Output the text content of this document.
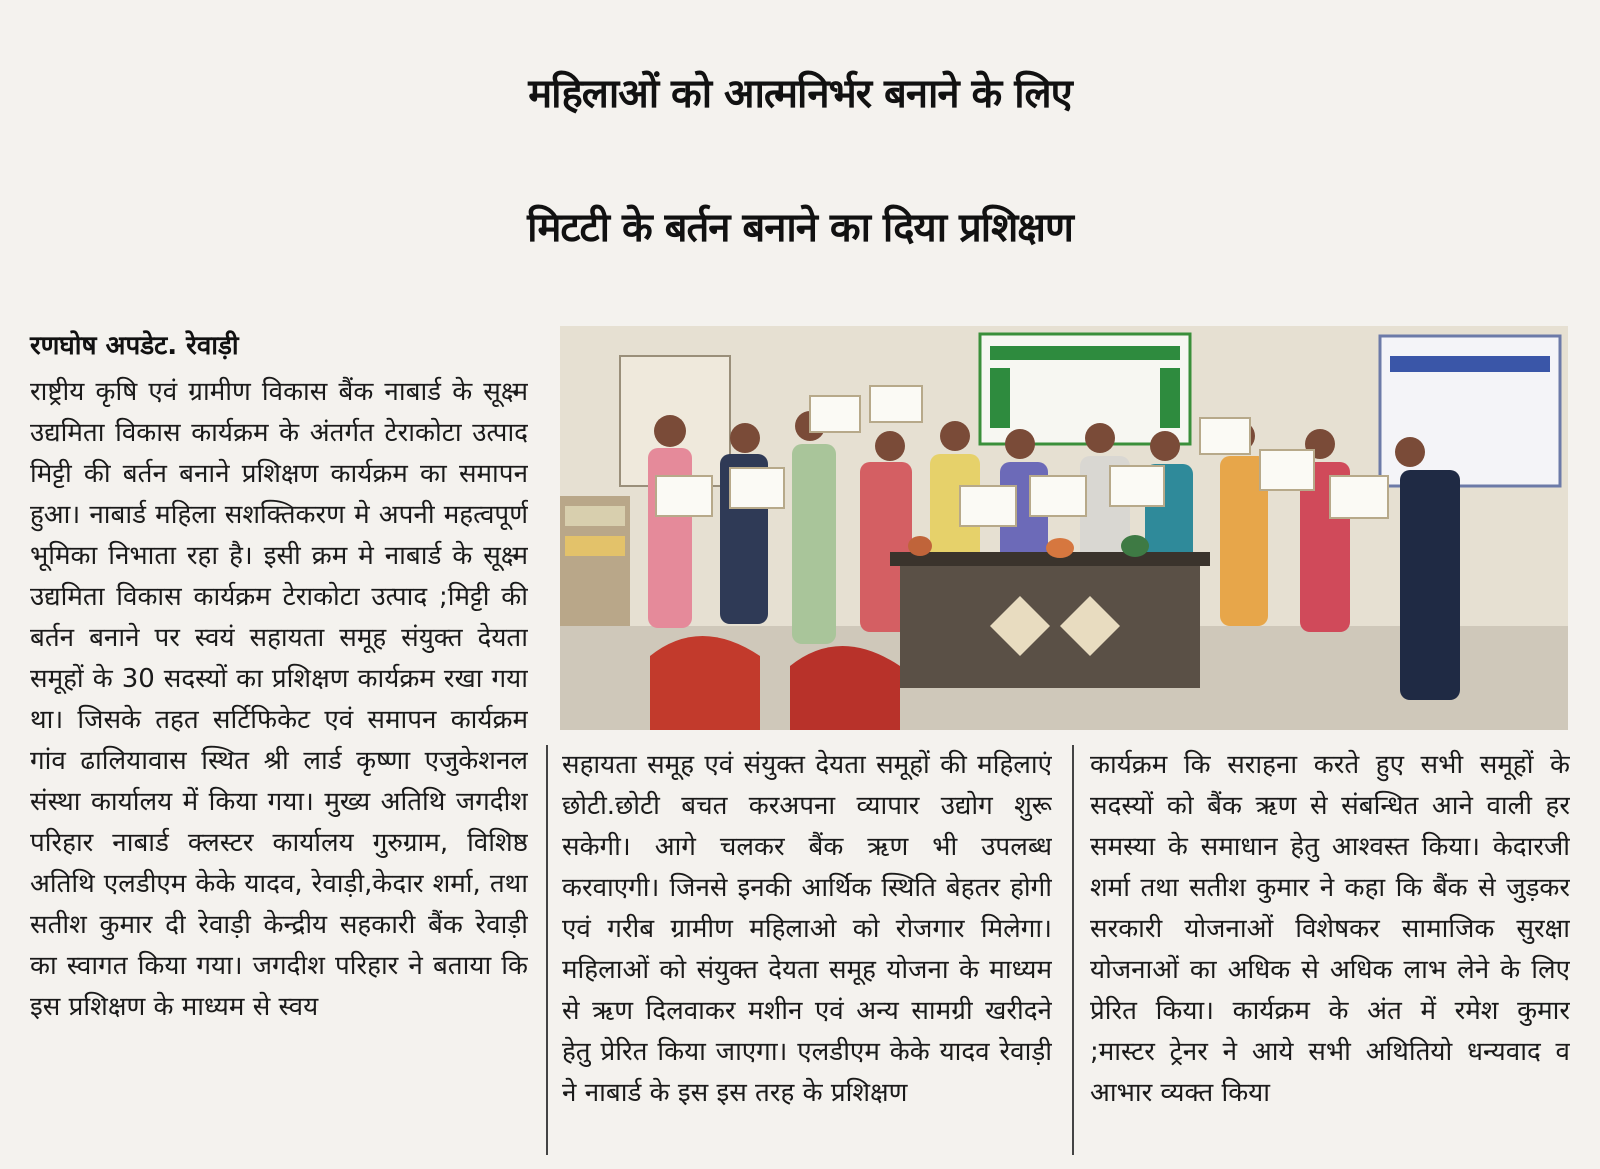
महिलाओं को आत्मनिर्भर बनाने के लिए
मिटटी के बर्तन बनाने का दिया प्रशिक्षण
रणघोष अपडेट. रेवाड़ी

राष्ट्रीय कृषि एवं ग्रामीण विकास बैंक नाबार्ड के सूक्ष्म उद्यमिता विकास कार्यक्रम के अंतर्गत टेराकोटा उत्पाद मिट्टी की बर्तन बनाने प्रशिक्षण कार्यक्रम का समापन हुआ। नाबार्ड महिला सशक्तिकरण मे अपनी महत्वपूर्ण भूमिका निभाता रहा है। इसी क्रम मे नाबार्ड के सूक्ष्म उद्यमिता विकास कार्यक्रम टेराकोटा उत्पाद ;मिट्टी की बर्तन बनाने पर स्वयं सहायता समूह संयुक्त देयता समूहों के 30 सदस्यों का प्रशिक्षण कार्यक्रम रखा गया था। जिसके तहत सर्टिफिकेट एवं समापन कार्यक्रम गांव ढालियावास स्थित श्री लार्ड कृष्णा एजुकेशनल संस्था कार्यालय में किया गया। मुख्य अतिथि जगदीश परिहार नाबार्ड क्लस्टर कार्यालय गुरुग्राम, विशिष्ठ अतिथि एलडीएम केके यादव, रेवाड़ी,केदार शर्मा, तथा सतीश कुमार दी रेवाड़ी केन्द्रीय सहकारी बैंक रेवाड़ी का स्वागत किया गया। जगदीश परिहार ने बताया कि इस प्रशिक्षण के माध्यम से स्वय

सहायता समूह एवं संयुक्त देयता समूहों की महिलाएं छोटी.छोटी बचत करअपना व्यापार उद्योग शुरू सकेगी। आगे चलकर बैंक ऋण भी उपलब्ध करवाएगी। जिनसे इनकी आर्थिक स्थिति बेहतर होगी एवं गरीब ग्रामीण महिलाओ को रोजगार मिलेगा। महिलाओं को संयुक्त देयता समूह योजना के माध्यम से ऋण दिलवाकर मशीन एवं अन्य सामग्री खरीदने हेतु प्रेरित किया जाएगा। एलडीएम केके यादव रेवाड़ी ने नाबार्ड के इस इस तरह के प्रशिक्षण

कार्यक्रम कि सराहना करते हुए सभी समूहों के सदस्यों को बैंक ऋण से संबन्धित आने वाली हर समस्या के समाधान हेतु आश्वस्त किया। केदारजी शर्मा तथा सतीश कुमार ने कहा कि बैंक से जुड़कर सरकारी योजनाओं विशेषकर सामाजिक सुरक्षा योजनाओं का अधिक से अधिक लाभ लेने के लिए प्रेरित किया। कार्यक्रम के अंत में रमेश कुमार ;मास्टर ट्रेनर ने आये सभी अथितियो धन्यवाद व आभार व्यक्त किया
